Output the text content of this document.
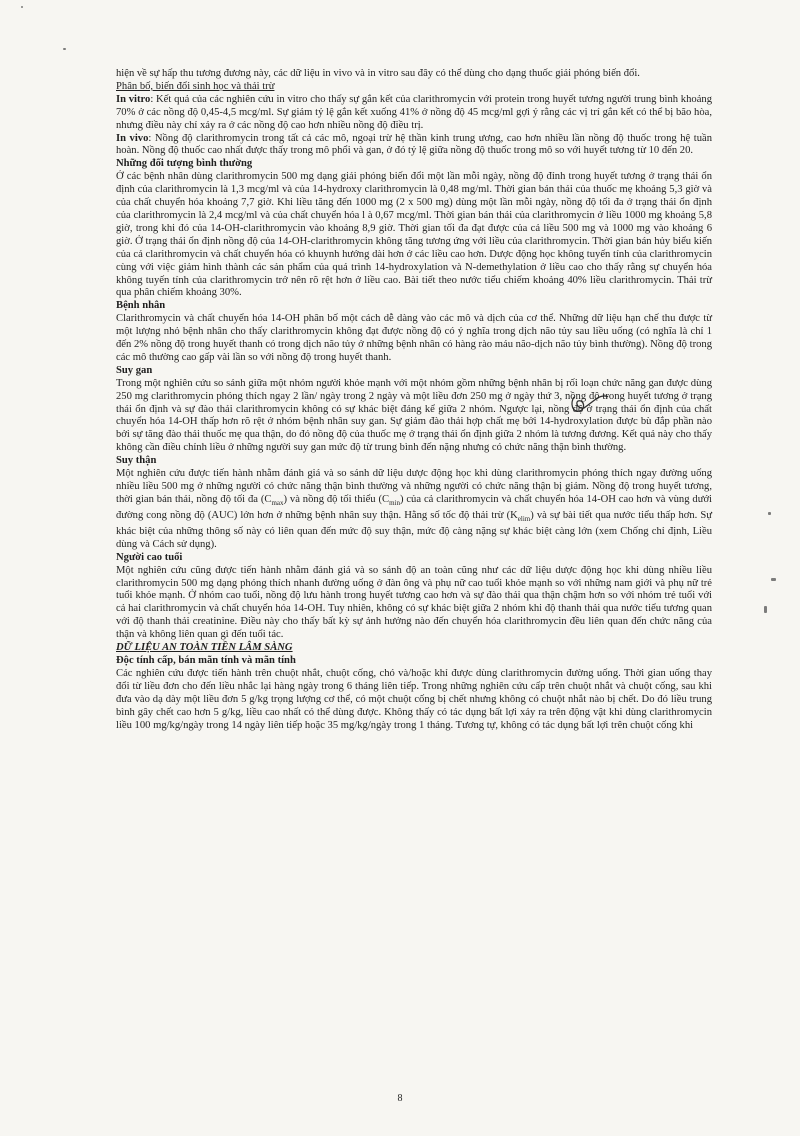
hiện về sự hấp thu tương đương này, các dữ liệu in vivo và in vitro sau đây có thể dùng cho dạng thuốc giải phóng biến đổi.

Phân bố, biến đổi sinh học và thải trừ

In vitro: Kết quả của các nghiên cứu in vitro cho thấy sự gắn kết của clarithromycin với protein trong huyết tương người trung bình khoảng 70% ở các nồng độ 0,45-4,5 mcg/ml. Sự giảm tỷ lệ gắn kết xuống 41% ở nồng độ 45 mcg/ml gợi ý rằng các vị trí gắn kết có thể bị bão hòa, nhưng điều này chỉ xảy ra ở các nồng độ cao hơn nhiều nồng độ điều trị.

In vivo: Nồng độ clarithromycin trong tất cả các mô, ngoại trừ hệ thần kinh trung ương, cao hơn nhiều lần nồng độ thuốc trong hệ tuần hoàn. Nồng độ thuốc cao nhất được thấy trong mô phổi và gan, ở đó tỷ lệ giữa nồng độ thuốc trong mô so với huyết tương từ 10 đến 20.

Những đối tượng bình thường

Ở các bệnh nhân dùng clarithromycin 500 mg dạng giải phóng biến đổi một lần mỗi ngày, nồng độ đỉnh trong huyết tương ở trạng thái ổn định của clarithromycin là 1,3 mcg/ml và của 14-hydroxy clarithromycin là 0,48 mg/ml. Thời gian bán thải của thuốc mẹ khoảng 5,3 giờ và của chất chuyển hóa khoảng 7,7 giờ. Khi liều tăng đến 1000 mg (2 x 500 mg) dùng một lần mỗi ngày, nồng độ tối đa ở trạng thái ổn định của clarithromycin là 2,4 mcg/ml và của chất chuyển hóa l à 0,67 mcg/ml. Thời gian bán thải của clarithromycin ở liều 1000 mg khoảng 5,8 giờ, trong khi đó của 14-OH-clarithromycin vào khoảng 8,9 giờ. Thời gian tối đa đạt được của cả liều 500 mg và 1000 mg vào khoảng 6 giờ. Ở trạng thái ổn định nồng độ của 14-OH-clarithromycin không tăng tương ứng với liều của clarithromycin. Thời gian bán hủy biểu kiến của cả clarithromycin và chất chuyển hóa có khuynh hướng dài hơn ở các liều cao hơn. Dược động học không tuyến tính của clarithromycin cùng với việc giảm hình thành các sản phẩm của quá trình 14-hydroxylation và N-demethylation ở liều cao cho thấy rằng sự chuyển hóa không tuyến tính của clarithromycin trở nên rõ rệt hơn ở liều cao. Bài tiết theo nước tiểu chiếm khoảng 40% liều clarithromycin. Thải trừ qua phân chiếm khoảng 30%.

Bệnh nhân

Clarithromycin và chất chuyển hóa 14-OH phân bố một cách dễ dàng vào các mô và dịch của cơ thể. Những dữ liệu hạn chế thu được từ một lượng nhỏ bệnh nhân cho thấy clarithromycin không đạt được nồng độ có ý nghĩa trong dịch não tủy sau liều uống (có nghĩa là chỉ 1 đến 2% nồng độ trong huyết thanh có trong dịch não tủy ở những bệnh nhân có hàng rào máu não-dịch não tủy bình thường). Nồng độ trong các mô thường cao gấp vài lần so với nồng độ trong huyết thanh.

Suy gan

Trong một nghiên cứu so sánh giữa một nhóm người khỏe mạnh với một nhóm gồm những bệnh nhân bị rối loạn chức năng gan được dùng 250 mg clarithromycin phóng thích ngay 2 lần/ ngày trong 2 ngày và một liều đơn 250 mg ở ngày thứ 3, nồng độ trong huyết tương ở trạng thái ổn định và sự đào thải clarithromycin không có sự khác biệt đáng kể giữa 2 nhóm. Ngược lại, nồng độ ở trạng thái ổn định của chất chuyển hóa 14-OH thấp hơn rõ rệt ở nhóm bệnh nhân suy gan. Sự giảm đào thải hợp chất mẹ bởi 14-hydroxylation được bù đắp phần nào bởi sự tăng đào thải thuốc mẹ qua thận, do đó nồng độ của thuốc mẹ ở trạng thái ổn định giữa 2 nhóm là tương đương. Kết quả này cho thấy không cần điều chỉnh liều ở những người suy gan mức độ từ trung bình đến nặng nhưng có chức năng thận bình thường.

Suy thận

Một nghiên cứu được tiến hành nhằm đánh giá và so sánh dữ liệu dược động học khi dùng clarithromycin phóng thích ngay đường uống nhiều liều 500 mg ở những người có chức năng thận bình thường và những người có chức năng thận bị giảm. Nồng độ trong huyết tương, thời gian bán thải, nồng độ tối đa $(C_{max})$ và nồng độ tối thiểu $(C_{min})$ của cả clarithromycin và chất chuyển hóa 14-OH cao hơn và vùng dưới đường cong nồng độ (AUC) lớn hơn ở những bệnh nhân suy thận. Hằng số tốc độ thải trừ $(K_{elim})$ và sự bài tiết qua nước tiểu thấp hơn. Sự khác biệt của những thông số này có liên quan đến mức độ suy thận, mức độ càng nặng sự khác biệt càng lớn (xem Chống chỉ định, Liều dùng và Cách sử dụng).

Người cao tuổi

Một nghiên cứu cũng được tiến hành nhằm đánh giá và so sánh độ an toàn cũng như các dữ liệu dược động học khi dùng nhiều liều clarithromycin 500 mg dạng phóng thích nhanh đường uống ở đàn ông và phụ nữ cao tuổi khỏe mạnh so với những nam giới và phụ nữ trẻ tuổi khỏe mạnh. Ở nhóm cao tuổi, nồng độ lưu hành trong huyết tương cao hơn và sự đào thải qua thận chậm hơn so với nhóm trẻ tuổi với cả hai clarithromycin và chất chuyển hóa 14-OH. Tuy nhiên, không có sự khác biệt giữa 2 nhóm khi độ thanh thải qua nước tiểu tương quan với độ thanh thải creatinine. Điều này cho thấy bất kỳ sự ảnh hưởng nào đến chuyển hóa clarithromycin đều liên quan đến chức năng của thận và không liên quan gì đến tuổi tác.

DỮ LIỆU AN TOÀN TIỀN LÂM SÀNG

Độc tính cấp, bán mãn tính và mãn tính

Các nghiên cứu được tiến hành trên chuột nhắt, chuột cống, chó và/hoặc khỉ được dùng clarithromycin đường uống. Thời gian uống thay đổi từ liều đơn cho đến liều nhắc lại hàng ngày trong 6 tháng liên tiếp. Trong những nghiên cứu cấp trên chuột nhắt và chuột cống, sau khi đưa vào dạ dày một liều đơn 5 g/kg trọng lượng cơ thể, có một chuột cống bị chết nhưng không có chuột nhắt nào bị chết. Do đó liều trung bình gây chết cao hơn 5 g/kg, liều cao nhất có thể dùng được. Không thấy có tác dụng bất lợi xảy ra trên động vật khi dùng clarithromycin liều 100 mg/kg/ngày trong 14 ngày liên tiếp hoặc 35 mg/kg/ngày trong 1 tháng. Tương tự, không có tác dụng bất lợi trên chuột cống khi

8
